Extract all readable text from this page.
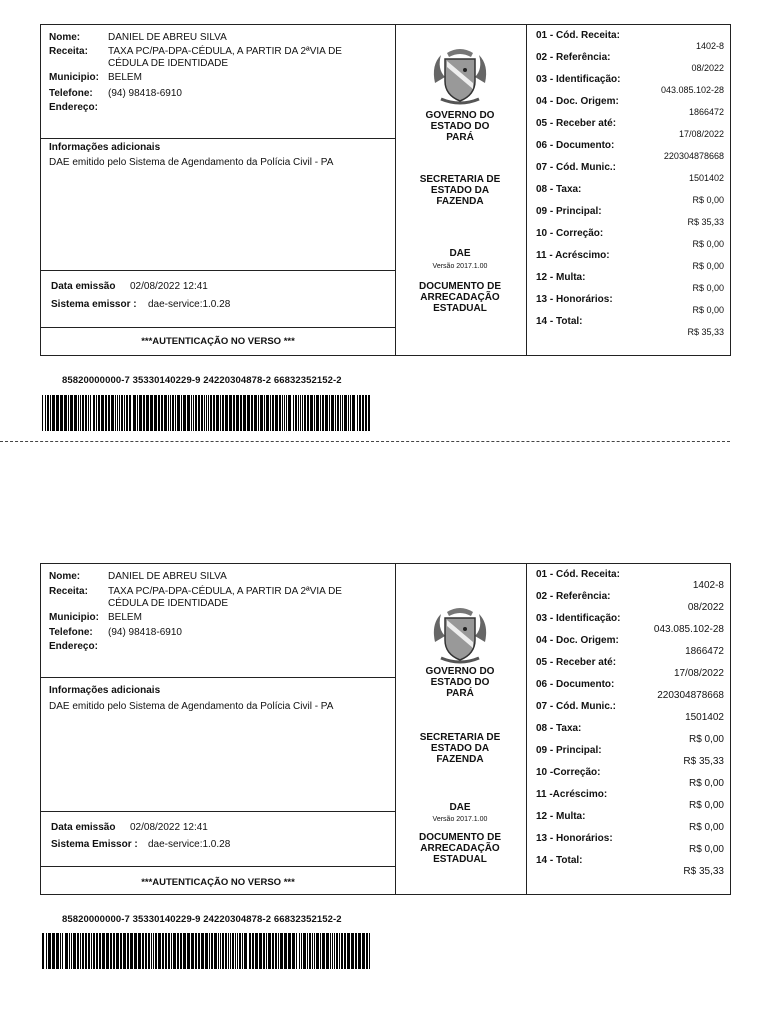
Nome:	DANIEL DE ABREU SILVA
Receita: TAXA PC/PA-DPA-CÉDULA, A PARTIR DA 2ªVIA DE
CÉDULA DE IDENTIDADE
Municipio: BELEM
Telefone: (94) 98418-6910
Endereço:
Informações adicionais
DAE emitido pelo Sistema de Agendamento da Polícia Civil - PA
Data emissão 02/08/2022 12:41
Sistema emissor : dae-service:1.0.28
***AUTENTICAÇÃO NO VERSO ***
GOVERNO DO
ESTADO DO
PARÁ
SECRETARIA DE
ESTADO DA
FAZENDA
DAE
Versão 2017.1.00
DOCUMENTO DE
ARRECADAÇÃO
ESTADUAL
01 - Cód. Receita:
1402-8
02 - Referência:
08/2022
03 - Identificação:
043.085.102-28
04 - Doc. Origem:
1866472
05 - Receber até:
17/08/2022
06 - Documento:
220304878668
07 - Cód. Munic.:
1501402
08 - Taxa:
R$ 0,00
09 - Principal:
R$ 35,33
10 - Correção:
R$ 0,00
11 - Acréscimo:
R$ 0,00
12 - Multa:
R$ 0,00
13 - Honorários:
R$ 0,00
14 - Total:
R$ 35,33
85820000000-7 35330140229-9 24220304878-2 66832352152-2
Nome:	DANIEL DE ABREU SILVA
Receita: TAXA PC/PA-DPA-CÉDULA, A PARTIR DA 2ªVIA DE
CÉDULA DE IDENTIDADE
Municipio: BELEM
Telefone: (94) 98418-6910
Endereço:
Informações adicionais
DAE emitido pelo Sistema de Agendamento da Polícia Civil - PA
Data emissão 02/08/2022 12:41
Sistema Emissor : dae-service:1.0.28
***AUTENTICAÇÃO NO VERSO ***
GOVERNO DO
ESTADO DO
PARÁ
SECRETARIA DE
ESTADO DA
FAZENDA
DAE
Versão 2017.1.00
DOCUMENTO DE
ARRECADAÇÃO
ESTADUAL
01 - Cód. Receita:
1402-8
02 - Referência:
08/2022
03 - Identificação:
043.085.102-28
04 - Doc. Origem:
1866472
05 - Receber até:
17/08/2022
06 - Documento:
220304878668
07 - Cód. Munic.:
1501402
08 - Taxa:
R$ 0,00
09 - Principal:
R$ 35,33
10 -Correção:
R$ 0,00
11 -Acréscimo:
R$ 0,00
12 - Multa:
R$ 0,00
13 - Honorários:
R$ 0,00
14 - Total:
R$ 35,33
85820000000-7 35330140229-9 24220304878-2 66832352152-2
